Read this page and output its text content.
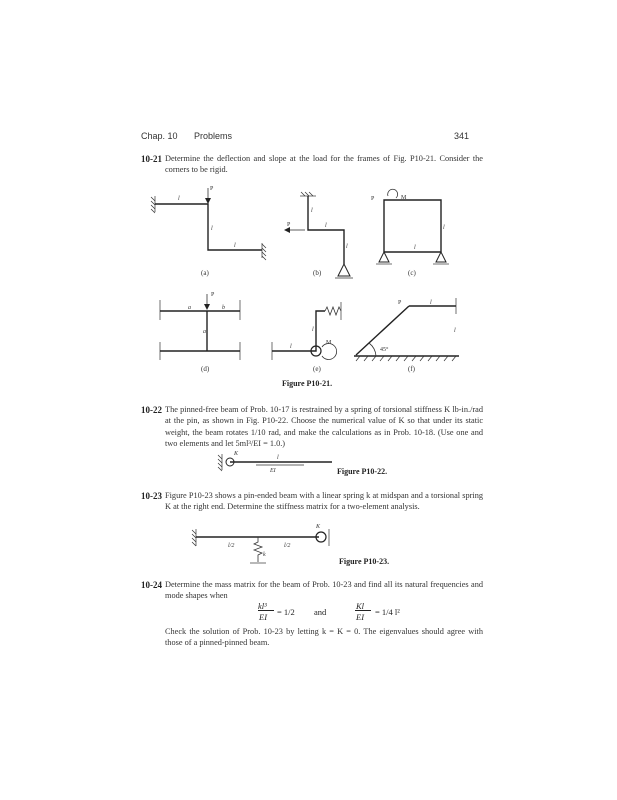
Chap. 10 Problems	341
10-21 Determine the deflection and slope at the load for the frames of Fig. P10-21. Consider the corners to be rigid.
P
l
l
l
(a)
P
l
l
l
(b)
P	M
l
l
(c)
P
a	b
a
(d)
M
l
l
(e)
P	l
l
45°
(f)
Figure P10-21.
10-22 The pinned-free beam of Prob. 10-17 is restrained by a spring of torsional stiffness K lb-in./rad at the pin, as shown in Fig. P10-22. Choose the numerical value of K so that under its static weight, the beam rotates 1/10 rad, and make the calculations as in Prob. 10-18. (Use one and two elements and let 5ml³/EI = 1.0.)
K
l
EI	Figure P10-22.
10-23 Figure P10-23 shows a pin-ended beam with a linear spring k at midspan and a torsional spring K at the right end. Determine the stiffness matrix for a two-element analysis.
l/2	l/2
k
K
Figure P10-23.
10-24 Determine the mass matrix for the beam of Prob. 10-23 and find all its natural frequencies and mode shapes when
kl³
EI = 1/2 and
Kl
EI = 1/4 l²
Check the solution of Prob. 10-23 by letting k = K = 0. The eigenvalues should agree with those of a pinned-pinned beam.
